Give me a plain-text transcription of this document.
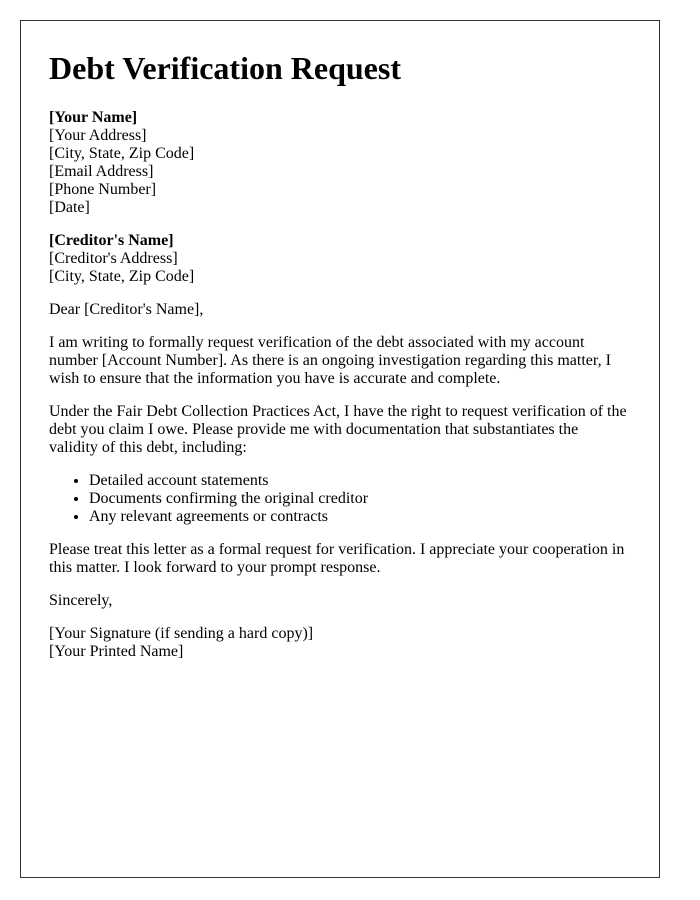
Debt Verification Request
[Your Name]
[Your Address]
[City, State, Zip Code]
[Email Address]
[Phone Number]
[Date]
[Creditor's Name]
[Creditor's Address]
[City, State, Zip Code]

Dear [Creditor's Name],

I am writing to formally request verification of the debt associated with my account number [Account Number]. As there is an ongoing investigation regarding this matter, I wish to ensure that the information you have is accurate and complete.

Under the Fair Debt Collection Practices Act, I have the right to request verification of the debt you claim I owe. Please provide me with documentation that substantiates the validity of this debt, including:

• Detailed account statements
• Documents confirming the original creditor
• Any relevant agreements or contracts

Please treat this letter as a formal request for verification. I appreciate your cooperation in this matter. I look forward to your prompt response.

Sincerely,

[Your Signature (if sending a hard copy)]
[Your Printed Name]
